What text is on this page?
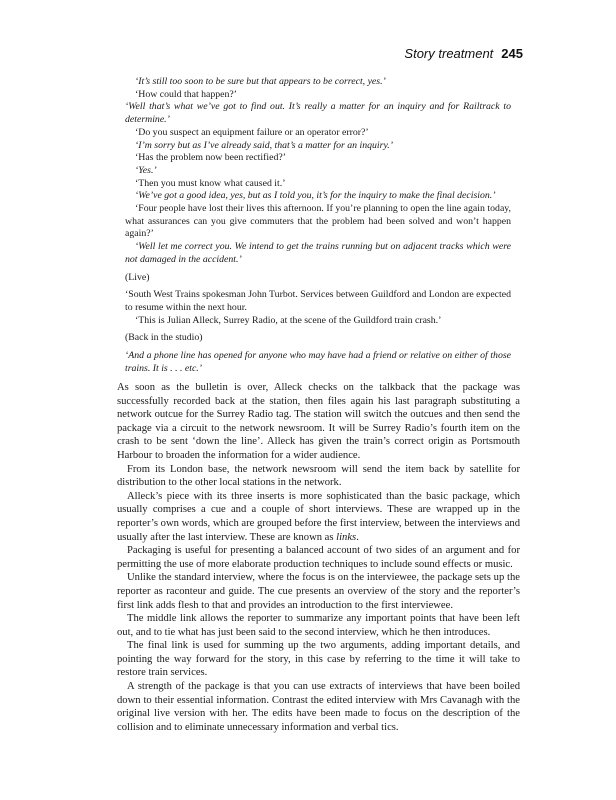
Story treatment 245

‘It’s still too soon to be sure but that appears to be correct, yes.’

‘How could that happen?’

‘Well that’s what we’ve got to find out. It’s really a matter for an inquiry and for Railtrack to determine.’

‘Do you suspect an equipment failure or an operator error?’

‘I’m sorry but as I’ve already said, that’s a matter for an inquiry.’

‘Has the problem now been rectified?’

‘Yes.’

‘Then you must know what caused it.’

‘We’ve got a good idea, yes, but as I told you, it’s for the inquiry to make the final decision.’

‘Four people have lost their lives this afternoon. If you’re planning to open the line again today, what assurances can you give commuters that the problem had been solved and won’t happen again?’

‘Well let me correct you. We intend to get the trains running but on adjacent tracks which were not damaged in the accident.’

(Live)

‘South West Trains spokesman John Turbot. Services between Guildford and London are expected to resume within the next hour.

‘This is Julian Alleck, Surrey Radio, at the scene of the Guildford train crash.’

(Back in the studio)

‘And a phone line has opened for anyone who may have had a friend or relative on either of those trains. It is . . . etc.’

As soon as the bulletin is over, Alleck checks on the talkback that the package was successfully recorded back at the station, then files again his last paragraph substituting a network outcue for the Surrey Radio tag. The station will switch the outcues and then send the package via a circuit to the network newsroom. It will be Surrey Radio’s fourth item on the crash to be sent ‘down the line’. Alleck has given the train’s correct origin as Portsmouth Harbour to broaden the information for a wider audience.

From its London base, the network newsroom will send the item back by satellite for distribution to the other local stations in the network.

Alleck’s piece with its three inserts is more sophisticated than the basic package, which usually comprises a cue and a couple of short interviews. These are wrapped up in the reporter’s own words, which are grouped before the first interview, between the interviews and usually after the last interview. These are known as links.

Packaging is useful for presenting a balanced account of two sides of an argument and for permitting the use of more elaborate production techniques to include sound effects or music.

Unlike the standard interview, where the focus is on the interviewee, the package sets up the reporter as raconteur and guide. The cue presents an overview of the story and the reporter’s first link adds flesh to that and provides an introduction to the first interviewee.

The middle link allows the reporter to summarize any important points that have been left out, and to tie what has just been said to the second interview, which he then introduces.

The final link is used for summing up the two arguments, adding important details, and pointing the way forward for the story, in this case by referring to the time it will take to restore train services.

A strength of the package is that you can use extracts of interviews that have been boiled down to their essential information. Contrast the edited interview with Mrs Cavanagh with the original live version with her. The edits have been made to focus on the description of the collision and to eliminate unnecessary information and verbal tics.
